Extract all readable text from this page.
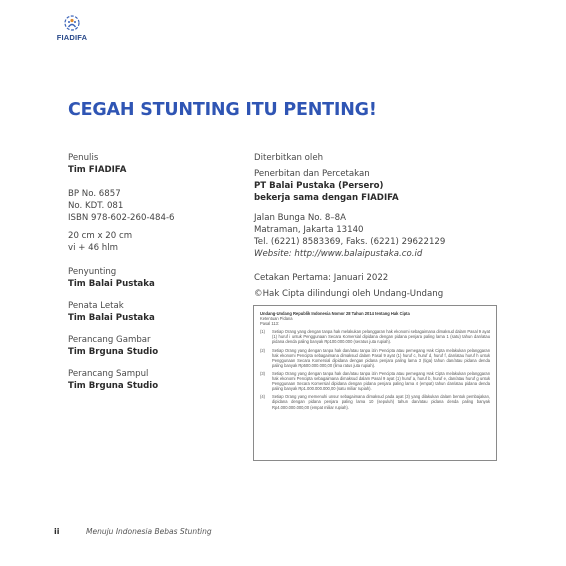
FIADIFA
CEGAH STUNTING ITU PENTING!
Penulis
Tim FIADIFA
BP No. 6857
No. KDT. 081
ISBN 978-602-260-484-6
20 cm x 20 cm
vi + 46 hlm
Penyunting
Tim Balai Pustaka
Penata Letak
Tim Balai Pustaka
Perancang Gambar
Tim Brguna Studio
Perancang Sampul
Tim Brguna Studio
Diterbitkan oleh
Penerbitan dan Percetakan
PT Balai Pustaka (Persero)
bekerja sama dengan FIADIFA
Jalan Bunga No. 8–8A
Matraman, Jakarta 13140
Tel. (6221) 8583369, Faks. (6221) 29622129
Website: http://www.balaipustaka.co.id
Cetakan Pertama: Januari 2022
©Hak Cipta dilindungi oleh Undang-Undang
Undang-Undang Republik Indonesia Nomor 28 Tahun 2014 tentang Hak Cipta
Ketentuan Pidana
Pasal 113:
(1)	Setiap Orang yang dengan tanpa hak melakukan pelanggaran hak ekonomi sebagaimana dimaksud dalam Pasal 9 ayat (1) huruf i untuk Penggunaan Secara Komersial dipidana dengan pidana penjara paling lama 1 (satu) tahun dan/atau pidana denda paling banyak Rp100.000.000 (seratus juta rupiah).
(2)	Setiap Orang yang dengan tanpa hak dan/atau tanpa izin Pencipta atau pemegang Hak Cipta melakukan pelanggaran hak ekonomi Pencipta sebagaimana dimaksud dalam Pasal 9 ayat (1) huruf c, huruf d, huruf f, dan/atau huruf h untuk Penggunaan Secara Komersial dipidana dengan pidana penjara paling lama 3 (tiga) tahun dan/atau pidana denda paling banyak Rp500.000.000,00 (lima ratus juta rupiah).
(3)	Setiap Orang yang dengan tanpa hak dan/atau tanpa izin Pencipta atau pemegang Hak Cipta melakukan pelanggaran hak ekonomi Pencipta sebagaimana dimaksud dalam Pasal 9 ayat (1) huruf a, huruf b, huruf e, dan/atau huruf g untuk Penggunaan Secara Komersial dipidana dengan pidana penjara paling lama 4 (empat) tahun dan/atau pidana denda paling banyak Rp1.000.000.000,00 (satu miliar rupiah).
(4)	Setiap Orang yang memenuhi unsur sebagaimana dimaksud pada ayat (3) yang dilakukan dalam bentuk pembajakan, dipidana dengan pidana penjara paling lama 10 (sepuluh) tahun dan/atau pidana denda paling banyak Rp4.000.000.000,00 (empat miliar rupiah).
ii	Menuju Indonesia Bebas Stunting
